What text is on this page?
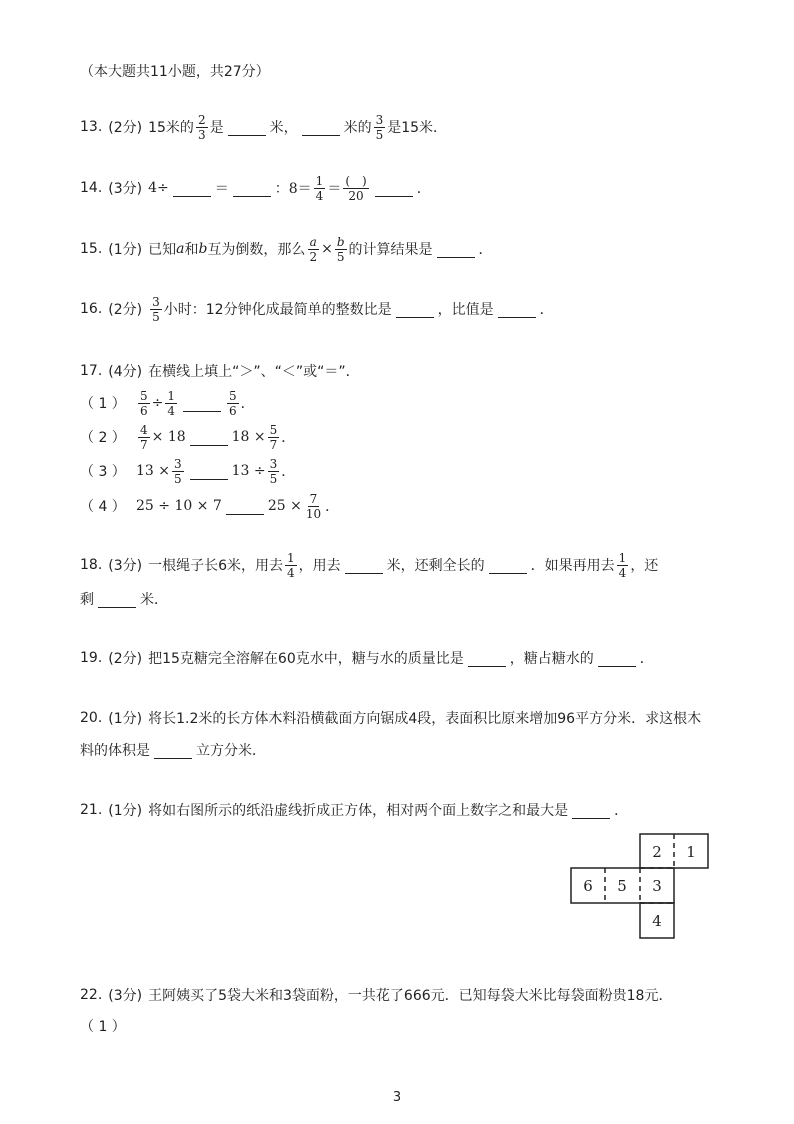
（本大题共11小题，共27分）
13. (2分) 15米的 $\frac{2}{3}$ 是	米，	米的 $\frac{3}{5}$ 是15米．
14. (3分) 4÷	＝	：$8= \frac{1}{4} = \frac{( )}{20}$	．
15. (1分) 已知 a 和 b 互为倒数，那么 $\frac{a}{2} \times \frac{b}{5}$ 的计算结果是	．
16. (2分) $\frac{3}{5}$ 小时：12分钟化成最简单的整数比是	，比值是	．
17. (4分) 在横线上填上“＞”、“＜”或“＝”．
（ 1 ）	$\frac{5}{6} \div \frac{1}{4}$	$\frac{5}{6}$ ．
（ 2 ）	$\frac{4}{7} \times 18$	$18 \times \frac{5}{7}$ ．
（ 3 ） $13 \times \frac{3}{5}$	$13 \div \frac{3}{5}$ ．
（ 4 ） 25 ÷ 10 × 7	$25 \times \frac{7}{10}$ ．
18. (3分) 一根绳子长6米，用去 $\frac{1}{4}$ ，用去	米，还剩全长的	．如果再用去 $\frac{1}{4}$ ，还
剩	米．
19. (2分) 把15克糖完全溶解在60克水中，糖与水的质量比是	，糖占糖水的	．
20. (1分) 将长1.2米的长方体木料沿横截面方向锯成4段，表面积比原来增加96平方分米．求这根木
料的体积是	立方分米．
21. (1分) 将如右图所示的纸沿虚线折成正方体，相对两个面上数字之和最大是	．
2 1
6 5 3
4
22. (3分) 王阿姨买了5袋大米和3袋面粉，一共花了666元．已知每袋大米比每袋面粉贵18元．
（ 1 ）
3
